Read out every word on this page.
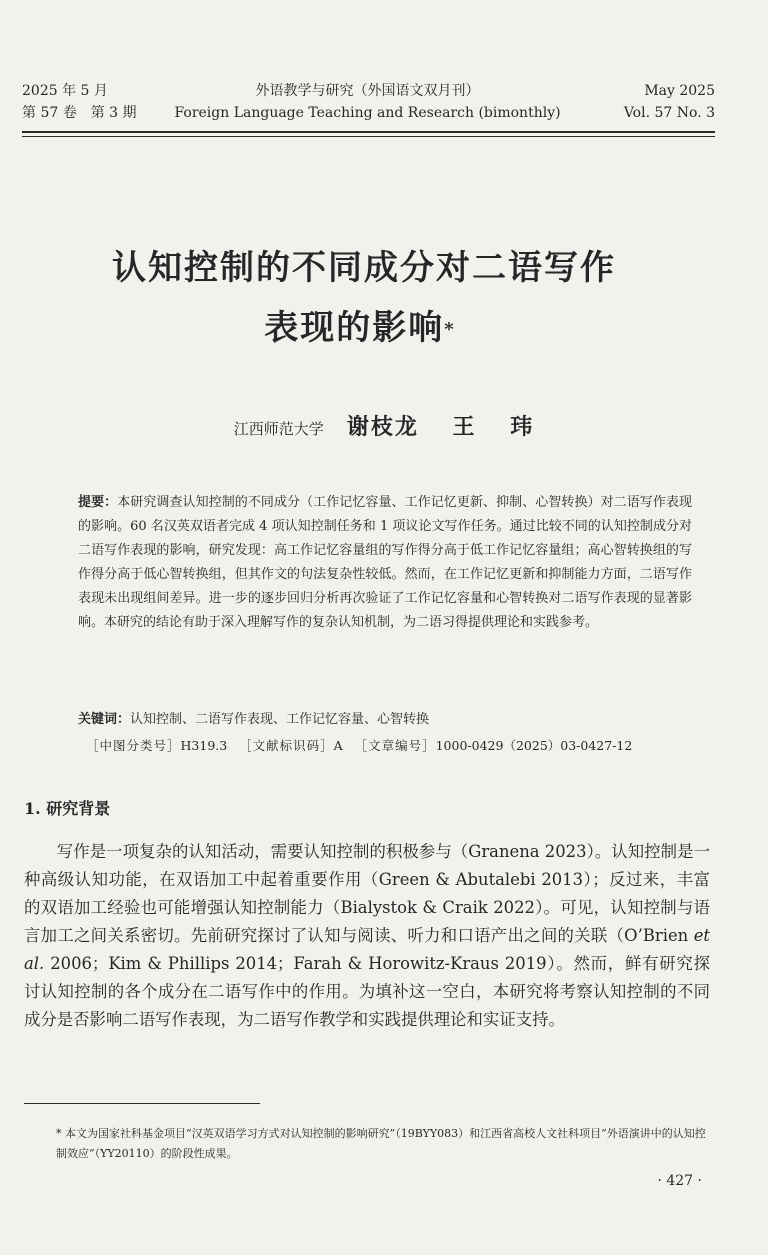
2025 年 5 月
第 57 卷　第 3 期
外语教学与研究（外国语文双月刊）
Foreign Language Teaching and Research (bimonthly)
May 2025
Vol. 57 No. 3
认知控制的不同成分对二语写作
表现的影响*
江西师范大学 谢枝龙 王 玮
提要：本研究调查认知控制的不同成分（工作记忆容量、工作记忆更新、抑制、心智转换）对二语写作表现的影响。60 名汉英双语者完成 4 项认知控制任务和 1 项议论文写作任务。通过比较不同的认知控制成分对二语写作表现的影响，研究发现：高工作记忆容量组的写作得分高于低工作记忆容量组；高心智转换组的写作得分高于低心智转换组，但其作文的句法复杂性较低。然而，在工作记忆更新和抑制能力方面，二语写作表现未出现组间差异。进一步的逐步回归分析再次验证了工作记忆容量和心智转换对二语写作表现的显著影响。本研究的结论有助于深入理解写作的复杂认知机制，为二语习得提供理论和实践参考。
关键词：认知控制、二语写作表现、工作记忆容量、心智转换
［中图分类号］H319.3 ［文献标识码］A ［文章编号］1000-0429（2025）03-0427-12
1. 研究背景

写作是一项复杂的认知活动，需要认知控制的积极参与（Granena 2023）。认知控制是一种高级认知功能，在双语加工中起着重要作用（Green & Abutalebi 2013）；反过来，丰富的双语加工经验也可能增强认知控制能力（Bialystok & Craik 2022）。可见，认知控制与语言加工之间关系密切。先前研究探讨了认知与阅读、听力和口语产出之间的关联（O’Brien et al. 2006；Kim & Phillips 2014；Farah & Horowitz-Kraus 2019）。然而，鲜有研究探讨认知控制的各个成分在二语写作中的作用。为填补这一空白，本研究将考察认知控制的不同成分是否影响二语写作表现，为二语写作教学和实践提供理论和实证支持。

* 本文为国家社科基金项目“汉英双语学习方式对认知控制的影响研究”（19BYY083）和江西省高校人文社科项目“外语演讲中的认知控制效应”（YY20110）的阶段性成果。
· 427 ·
